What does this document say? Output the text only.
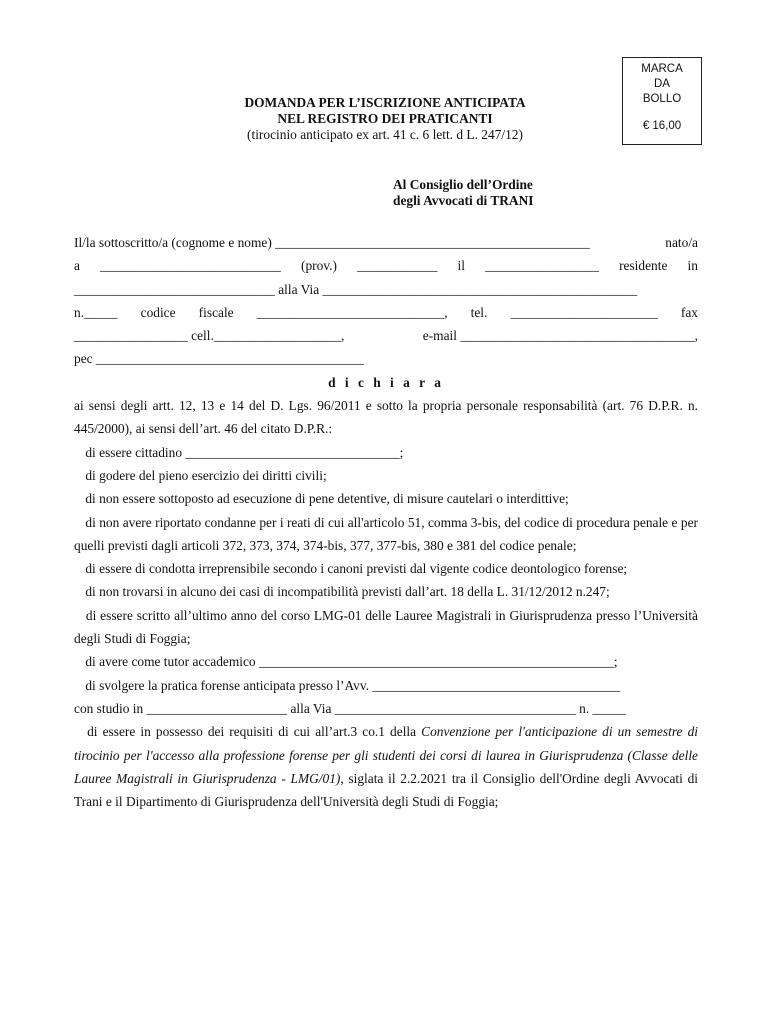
MARCA
DA
BOLLO
€ 16,00
DOMANDA PER L’ISCRIZIONE ANTICIPATA
NEL REGISTRO DEI PRATICANTI
(tirocinio anticipato ex art. 41 c. 6 lett. d L. 247/12)
Al Consiglio dell’Ordine
degli Avvocati di TRANI
Il/la sottoscritto/a (cognome e nome) _______________________________________________	nato/a
a ___________________________ (prov.) ____________ il _________________ residente in
______________________________ alla Via _______________________________________________
n._____ codice fiscale ____________________________, tel. ______________________ fax
_________________ cell.___________________,	e-mail ___________________________________,
pec ________________________________________
d i c h i a r a
ai sensi degli artt. 12, 13 e 14 del D. Lgs. 96/2011 e sotto la propria personale responsabilità (art. 76 D.P.R. n. 445/2000), ai sensi dell’art. 46 del citato D.P.R.:
di essere cittadino ________________________________;
di godere del pieno esercizio dei diritti civili;
di non essere sottoposto ad esecuzione di pene detentive, di misure cautelari o interdittive;
di non avere riportato condanne per i reati di cui all'articolo 51, comma 3-bis, del codice di procedura penale e per quelli previsti dagli articoli 372, 373, 374, 374-bis, 377, 377-bis, 380 e 381 del codice penale;
di essere di condotta irreprensibile secondo i canoni previsti dal vigente codice deontologico forense;
di non trovarsi in alcuno dei casi di incompatibilità previsti dall’art. 18 della L. 31/12/2012 n.247;
di essere scritto all’ultimo anno del corso LMG-01 delle Lauree Magistrali in Giurisprudenza presso l’Università degli Studi di Foggia;
di avere come tutor accademico _____________________________________________________;
di svolgere la pratica forense anticipata presso l’Avv. _____________________________________
con studio in _____________________ alla Via ____________________________________ n. _____
di essere in possesso dei requisiti di cui all’art.3 co.1 della Convenzione per l'anticipazione di un semestre di tirocinio per l'accesso alla professione forense per gli studenti dei corsi di laurea in Giurisprudenza (Classe delle Lauree Magistrali in Giurisprudenza - LMG/01), siglata il 2.2.2021 tra il Consiglio dell'Ordine degli Avvocati di Trani e il Dipartimento di Giurisprudenza dell'Università degli Studi di Foggia;
